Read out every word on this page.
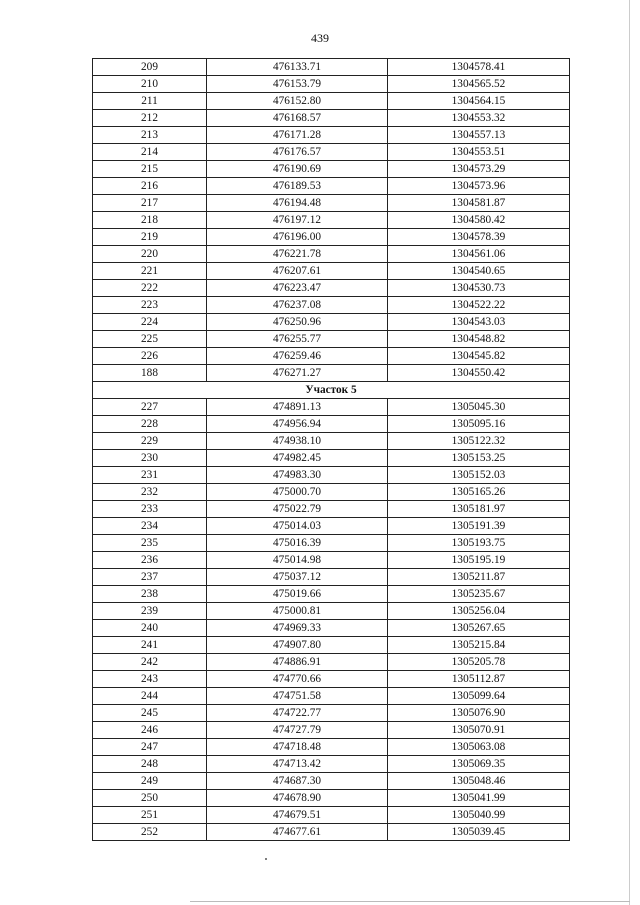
439
209	476133.71	1304578.41
210	476153.79	1304565.52
211	476152.80	1304564.15
212	476168.57	1304553.32
213	476171.28	1304557.13
214	476176.57	1304553.51
215	476190.69	1304573.29
216	476189.53	1304573.96
217	476194.48	1304581.87
218	476197.12	1304580.42
219	476196.00	1304578.39
220	476221.78	1304561.06
221	476207.61	1304540.65
222	476223.47	1304530.73
223	476237.08	1304522.22
224	476250.96	1304543.03
225	476255.77	1304548.82
226	476259.46	1304545.82
188	476271.27	1304550.42
Участок 5		
227	474891.13	1305045.30
228	474956.94	1305095.16
229	474938.10	1305122.32
230	474982.45	1305153.25
231	474983.30	1305152.03
232	475000.70	1305165.26
233	475022.79	1305181.97
234	475014.03	1305191.39
235	475016.39	1305193.75
236	475014.98	1305195.19
237	475037.12	1305211.87
238	475019.66	1305235.67
239	475000.81	1305256.04
240	474969.33	1305267.65
241	474907.80	1305215.84
242	474886.91	1305205.78
243	474770.66	1305112.87
244	474751.58	1305099.64
245	474722.77	1305076.90
246	474727.79	1305070.91
247	474718.48	1305063.08
248	474713.42	1305069.35
249	474687.30	1305048.46
250	474678.90	1305041.99
251	474679.51	1305040.99
252	474677.61	1305039.45
